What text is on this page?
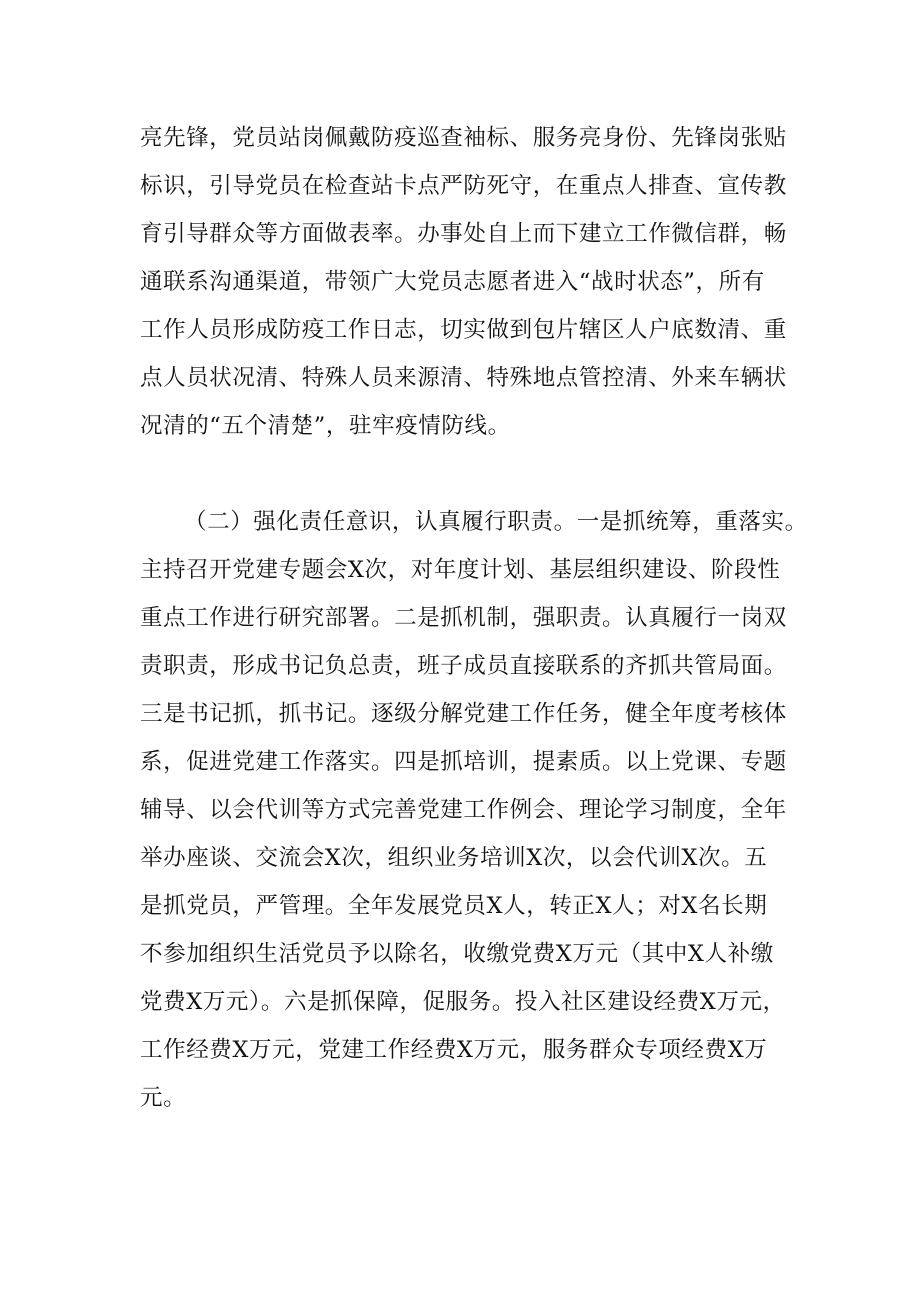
亮先锋，党员站岗佩戴防疫巡查袖标、服务亮身份、先锋岗张贴
标识，引导党员在检查站卡点严防死守，在重点人排查、宣传教
育引导群众等方面做表率。办事处自上而下建立工作微信群，畅
通联系沟通渠道，带领广大党员志愿者进入“战时状态”，所有
工作人员形成防疫工作日志，切实做到包片辖区人户底数清、重
点人员状况清、特殊人员来源清、特殊地点管控清、外来车辆状
况清的“五个清楚”，驻牢疫情防线。
（二）强化责任意识，认真履行职责。一是抓统筹，重落实。
主持召开党建专题会X次，对年度计划、基层组织建设、阶段性
重点工作进行研究部署。二是抓机制，强职责。认真履行一岗双
责职责，形成书记负总责，班子成员直接联系的齐抓共管局面。
三是书记抓，抓书记。逐级分解党建工作任务，健全年度考核体
系，促进党建工作落实。四是抓培训，提素质。以上党课、专题
辅导、以会代训等方式完善党建工作例会、理论学习制度，全年
举办座谈、交流会X次，组织业务培训X次，以会代训X次。五
是抓党员，严管理。全年发展党员X人，转正X人；对X名长期
不参加组织生活党员予以除名，收缴党费X万元（其中X人补缴
党费X万元）。六是抓保障，促服务。投入社区建设经费X万元，
工作经费X万元，党建工作经费X万元，服务群众专项经费X万
元。
